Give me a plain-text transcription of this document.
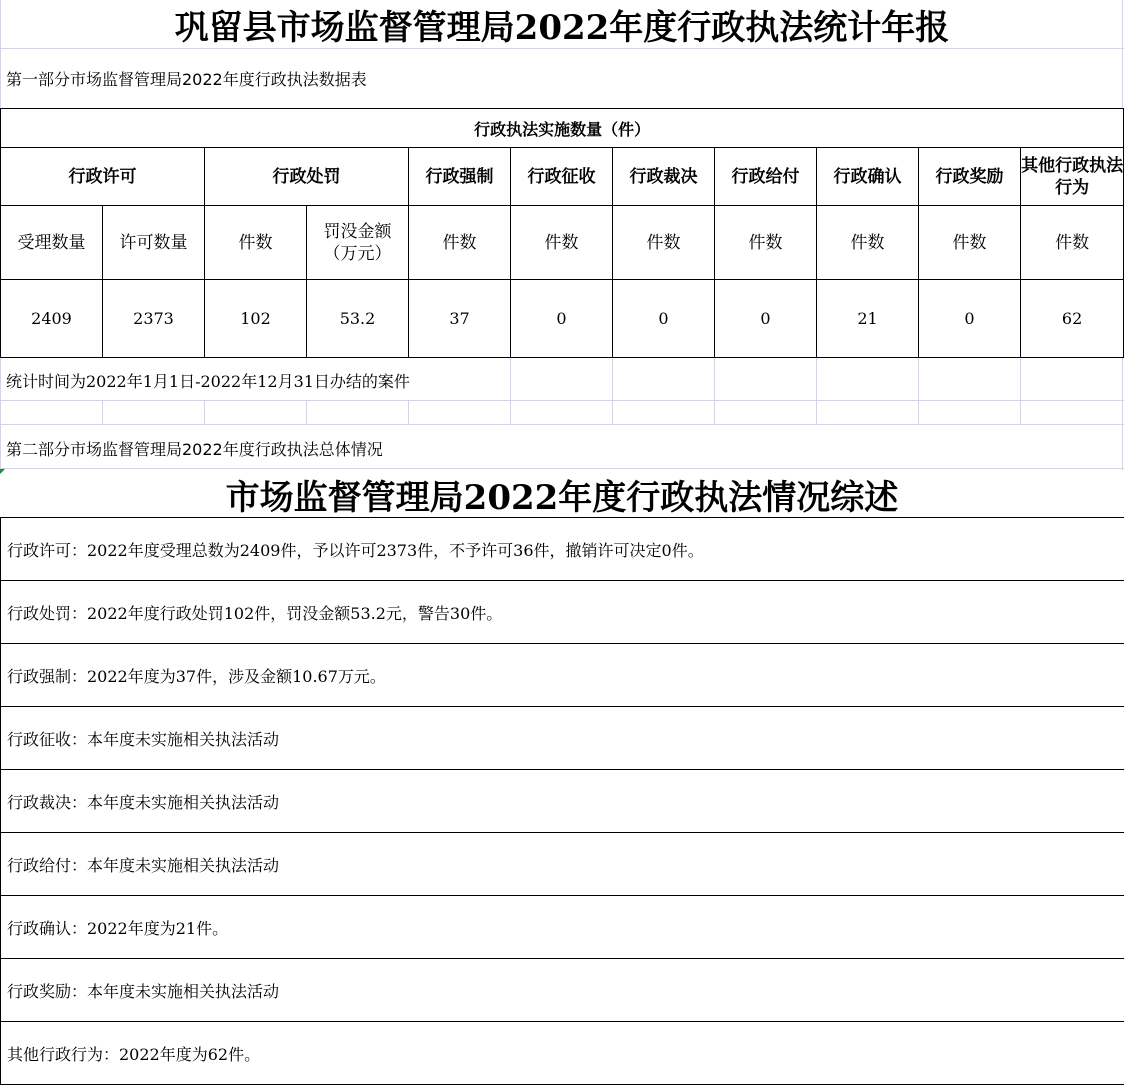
巩留县市场监督管理局2022年度行政执法统计年报
第一部分市场监督管理局2022年度行政执法数据表
行政执法实施数量（件）										
行政许可		行政处罚		行政强制	行政征收	行政裁决	行政给付	行政确认	行政奖励	其他行政执法行为
受理数量	许可数量	件数	罚没金额（万元）	件数	件数	件数	件数	件数	件数	件数
2409	2373	102	53.2	37	0	0	0	21	0	62
统计时间为2022年1月1日-2022年12月31日办结的案件
第二部分市场监督管理局2022年度行政执法总体情况
市场监督管理局2022年度行政执法情况综述
行政许可：2022年度受理总数为2409件，予以许可2373件，不予许可36件，撤销许可决定0件。
行政处罚：2022年度行政处罚102件，罚没金额53.2元，警告30件。
行政强制：2022年度为37件，涉及金额10.67万元。
行政征收：本年度未实施相关执法活动
行政裁决：本年度未实施相关执法活动
行政给付：本年度未实施相关执法活动
行政确认：2022年度为21件。
行政奖励：本年度未实施相关执法活动
其他行政行为：2022年度为62件。
